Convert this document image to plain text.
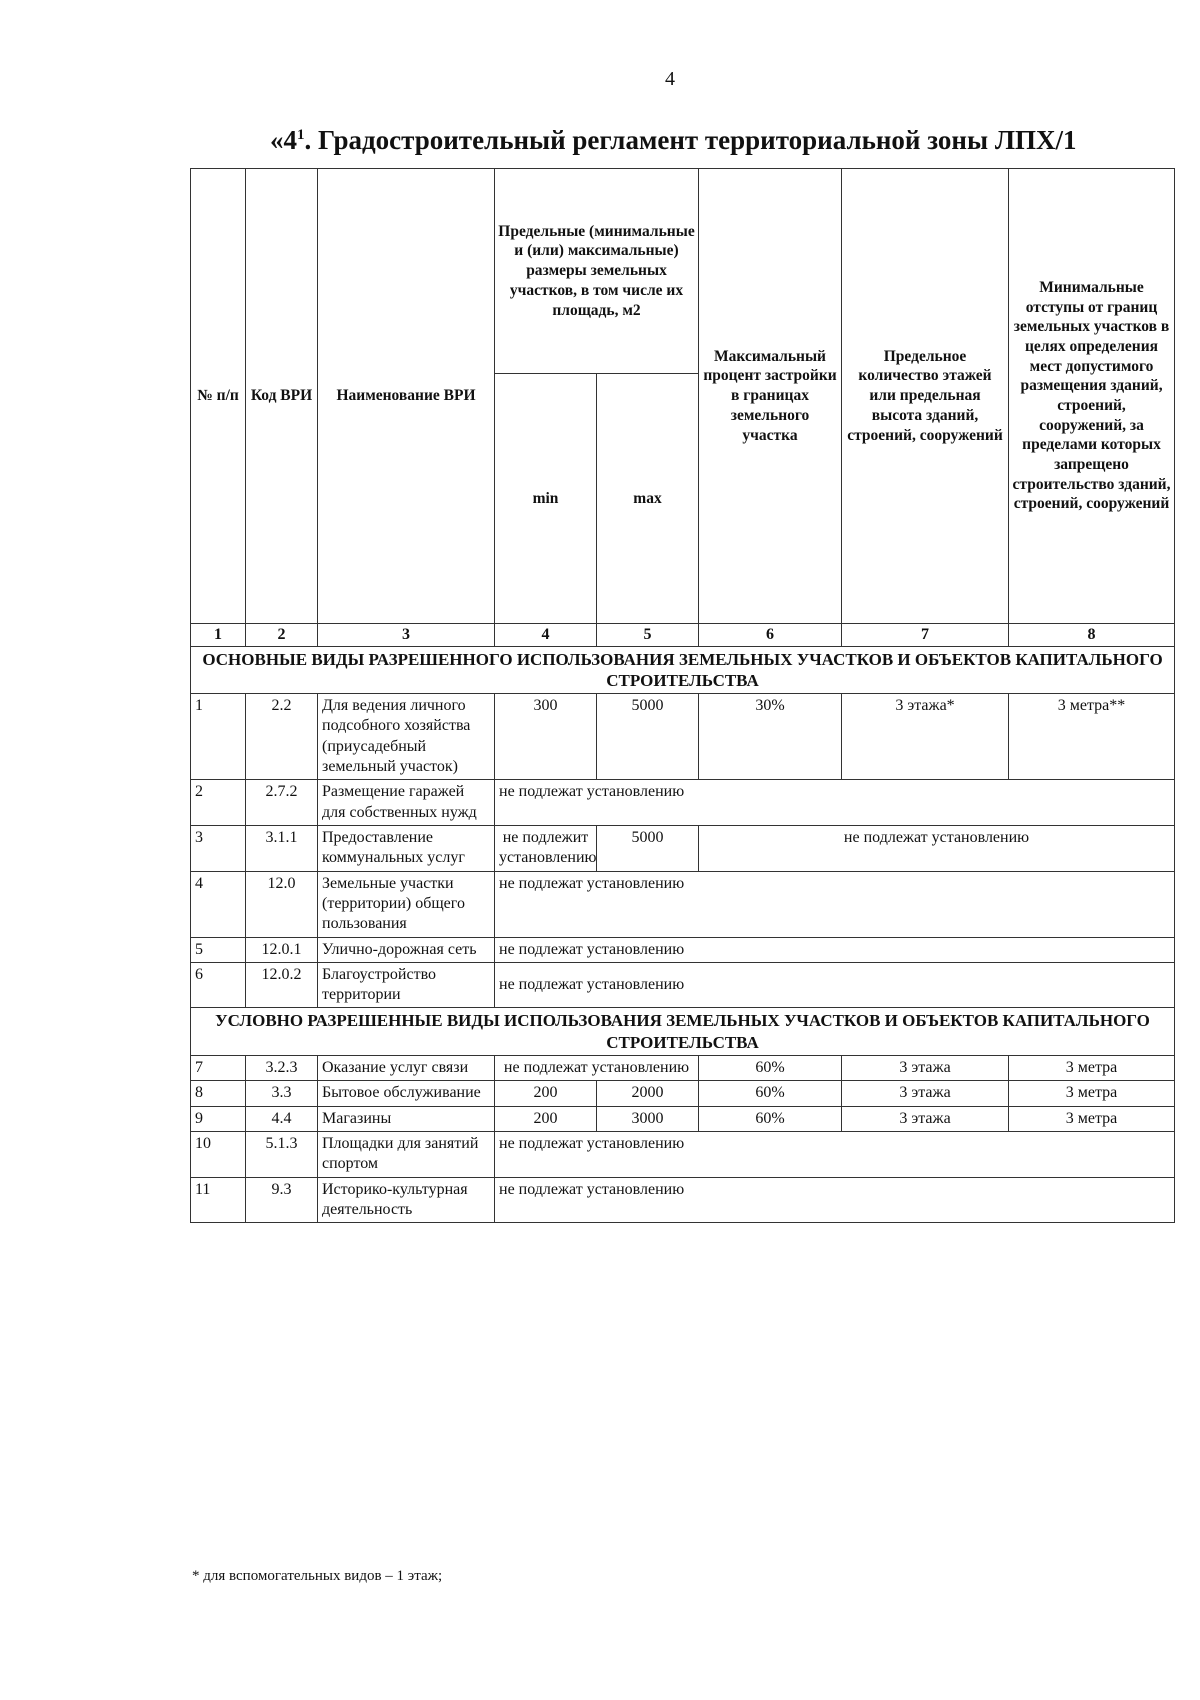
4
«$4^1$. Градостроительный регламент территориальной зоны ЛПХ/1
№ п/п	Код ВРИ	Наименование ВРИ	Предельные (минимальные и (или) максимальные) размеры земельных участков, в том числе их площадь, м2		Максимальный процент застройки в границах земельного участка	Предельное количество этажей или предельная высота зданий, строений, сооружений	Минимальные отступы от границ земельных участков в целях определения мест допустимого размещения зданий, строений, сооружений, за пределами которых запрещено строительство зданий, строений, сооружений
			min	max			
1	2	3	4	5	6	7	8
ОСНОВНЫЕ ВИДЫ РАЗРЕШЕННОГО ИСПОЛЬЗОВАНИЯ ЗЕМЕЛЬНЫХ УЧАСТКОВ И ОБЪЕКТОВ КАПИТАЛЬНОГО СТРОИТЕЛЬСТВА							
1	2.2	Для ведения личного подсобного хозяйства (приусадебный земельный участок)	300	5000	30%	3 этажа*	3 метра**
2	2.7.2	Размещение гаражей для собственных нужд	не подлежат установлению				
3	3.1.1	Предоставление коммунальных услуг	не подлежит установлению	5000	не подлежат установлению		
4	12.0	Земельные участки (территории) общего пользования	не подлежат установлению				
5	12.0.1	Улично-дорожная сеть	не подлежат установлению				
6	12.0.2	Благоустройство территории	не подлежат установлению				
УСЛОВНО РАЗРЕШЕННЫЕ ВИДЫ ИСПОЛЬЗОВАНИЯ ЗЕМЕЛЬНЫХ УЧАСТКОВ И ОБЪЕКТОВ КАПИТАЛЬНОГО СТРОИТЕЛЬСТВА							
7	3.2.3	Оказание услуг связи	не подлежат установлению		60%	3 этажа	3 метра
8	3.3	Бытовое обслуживание	200	2000	60%	3 этажа	3 метра
9	4.4	Магазины	200	3000	60%	3 этажа	3 метра
10	5.1.3	Площадки для занятий спортом	не подлежат установлению				
11	9.3	Историко-культурная деятельность	не подлежат установлению				
* для вспомогательных видов – 1 этаж;
